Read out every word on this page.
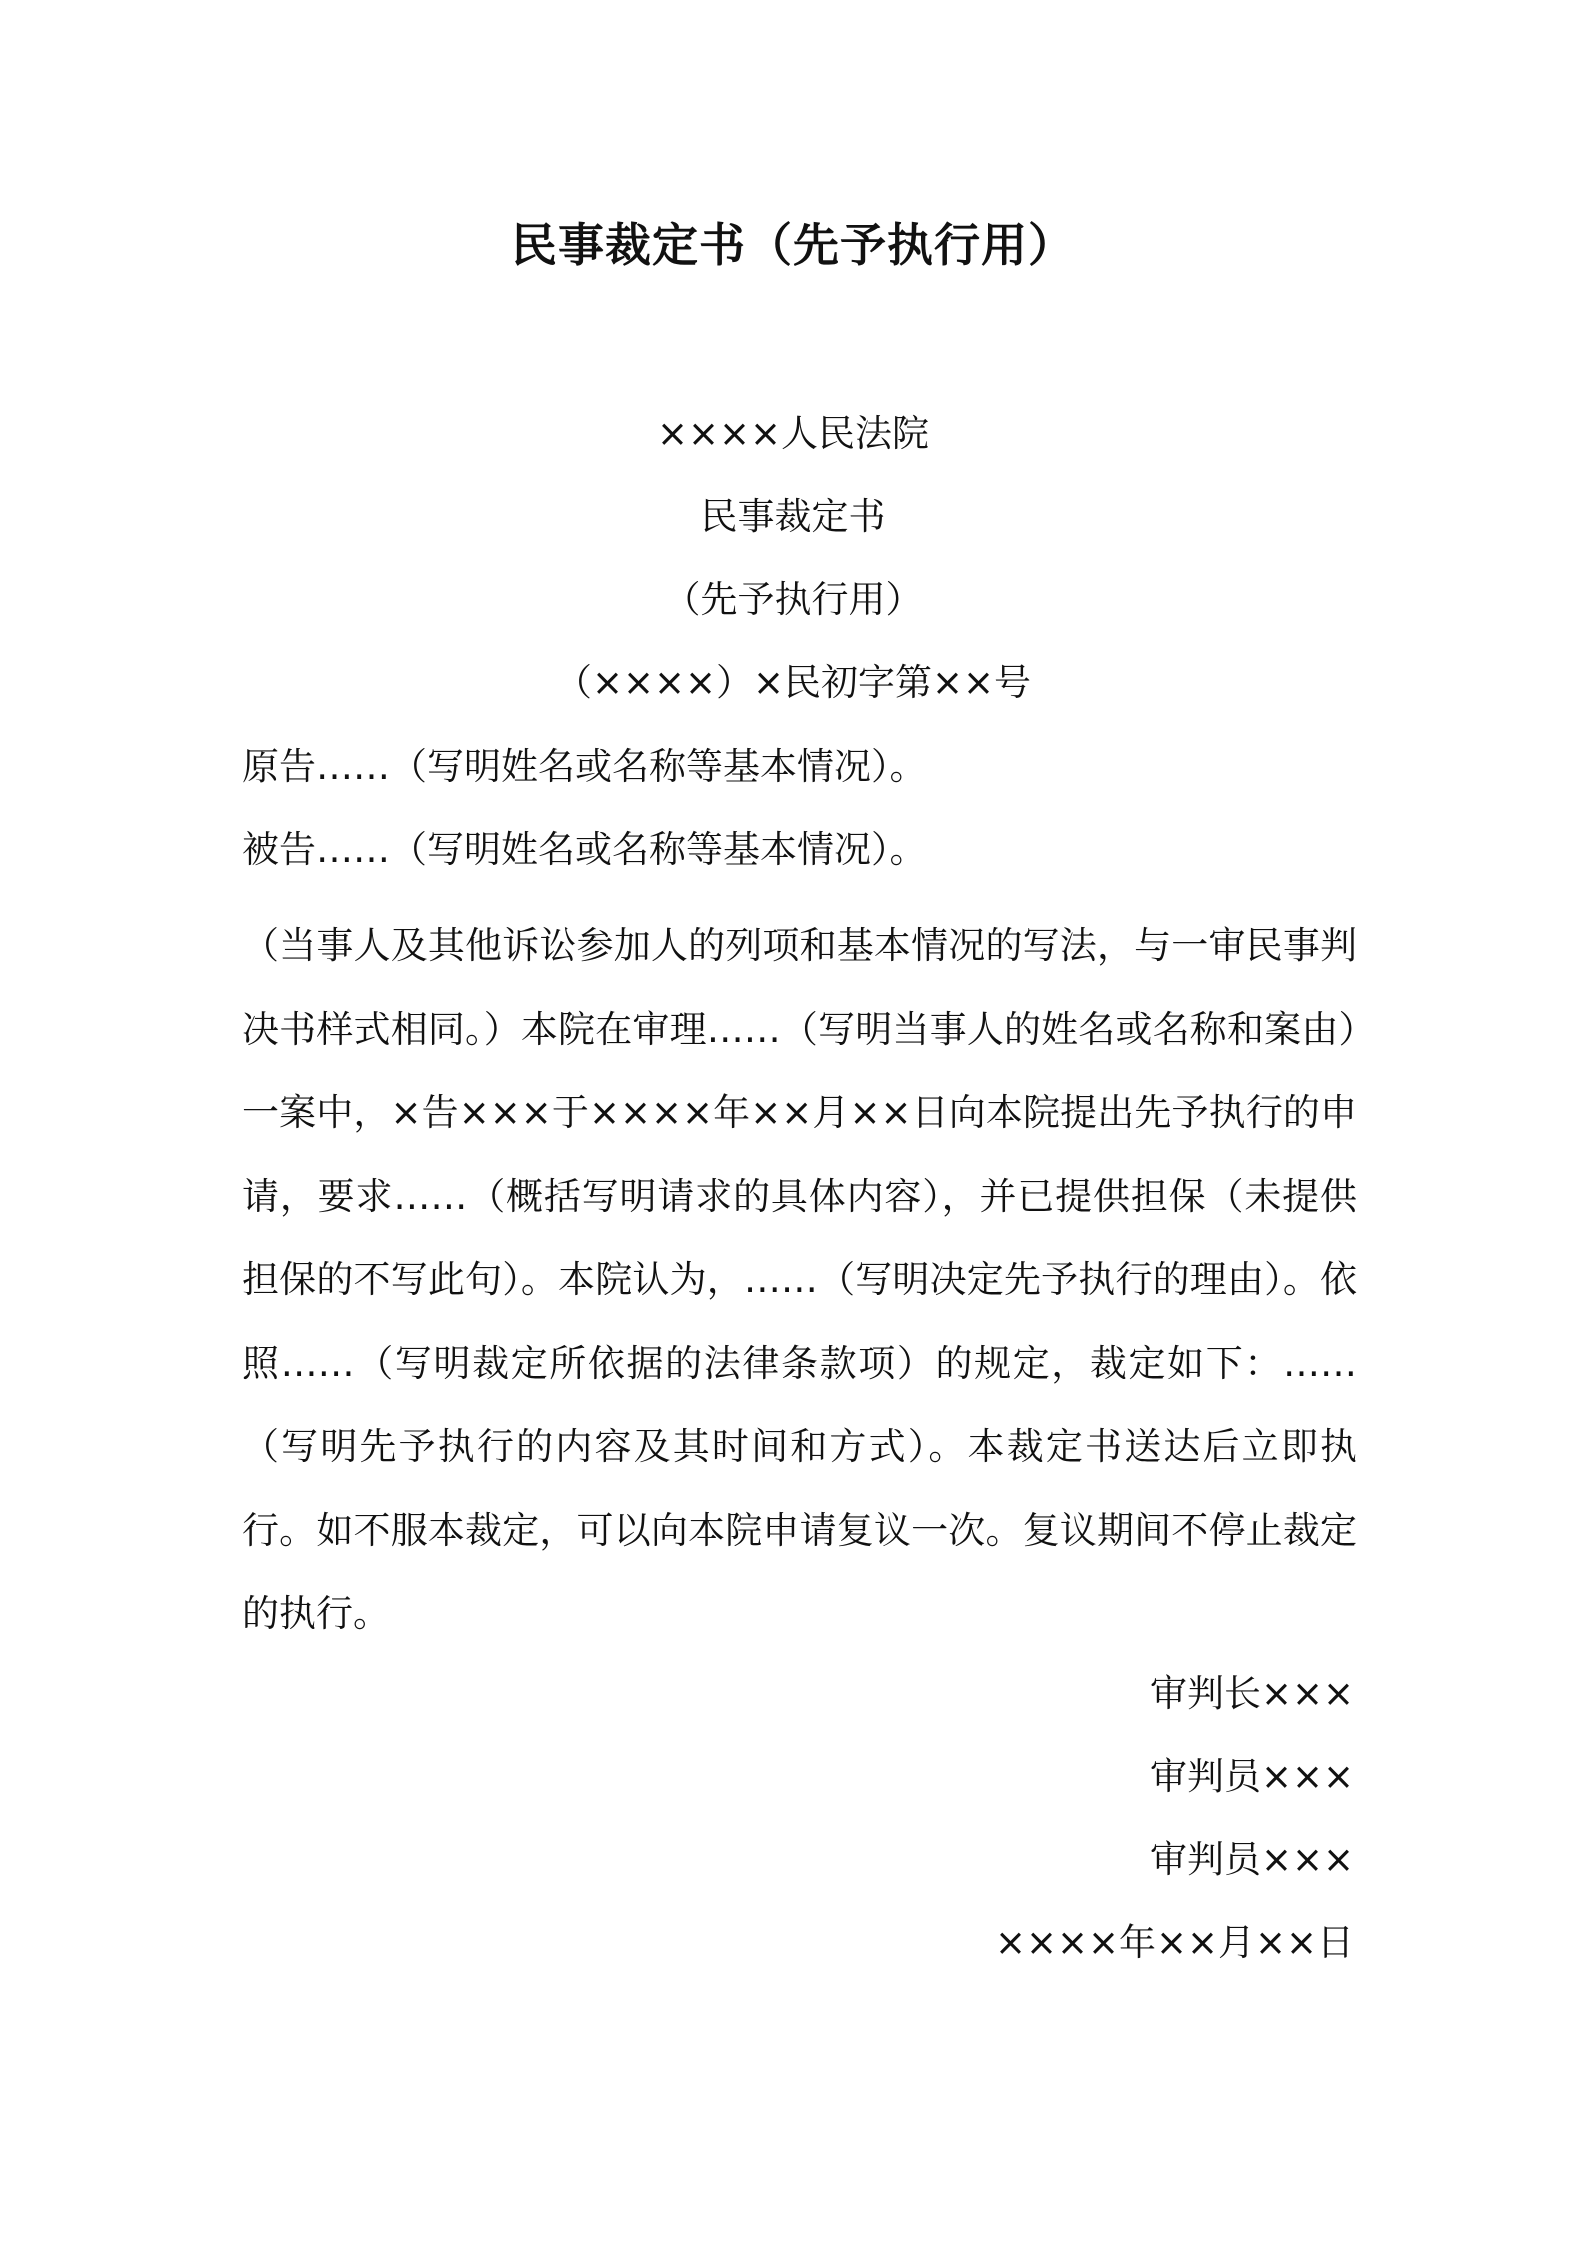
民事裁定书（先予执行用）
××××人民法院
民事裁定书
（先予执行用）
（××××）×民初字第××号
原告……（写明姓名或名称等基本情况）。
被告……（写明姓名或名称等基本情况）。
（当事人及其他诉讼参加人的列项和基本情况的写法，与一审民事判决书样式相同。）本院在审理……（写明当事人的姓名或名称和案由）一案中，×告×××于××××年××月××日向本院提出先予执行的申请，要求……（概括写明请求的具体内容），并已提供担保（未提供担保的不写此句）。本院认为，……（写明决定先予执行的理由）。依照……（写明裁定所依据的法律条款项）的规定，裁定如下：……（写明先予执行的内容及其时间和方式）。本裁定书送达后立即执行。如不服本裁定，可以向本院申请复议一次。复议期间不停止裁定的执行。
审判长×××
审判员×××
审判员×××
××××年××月××日
